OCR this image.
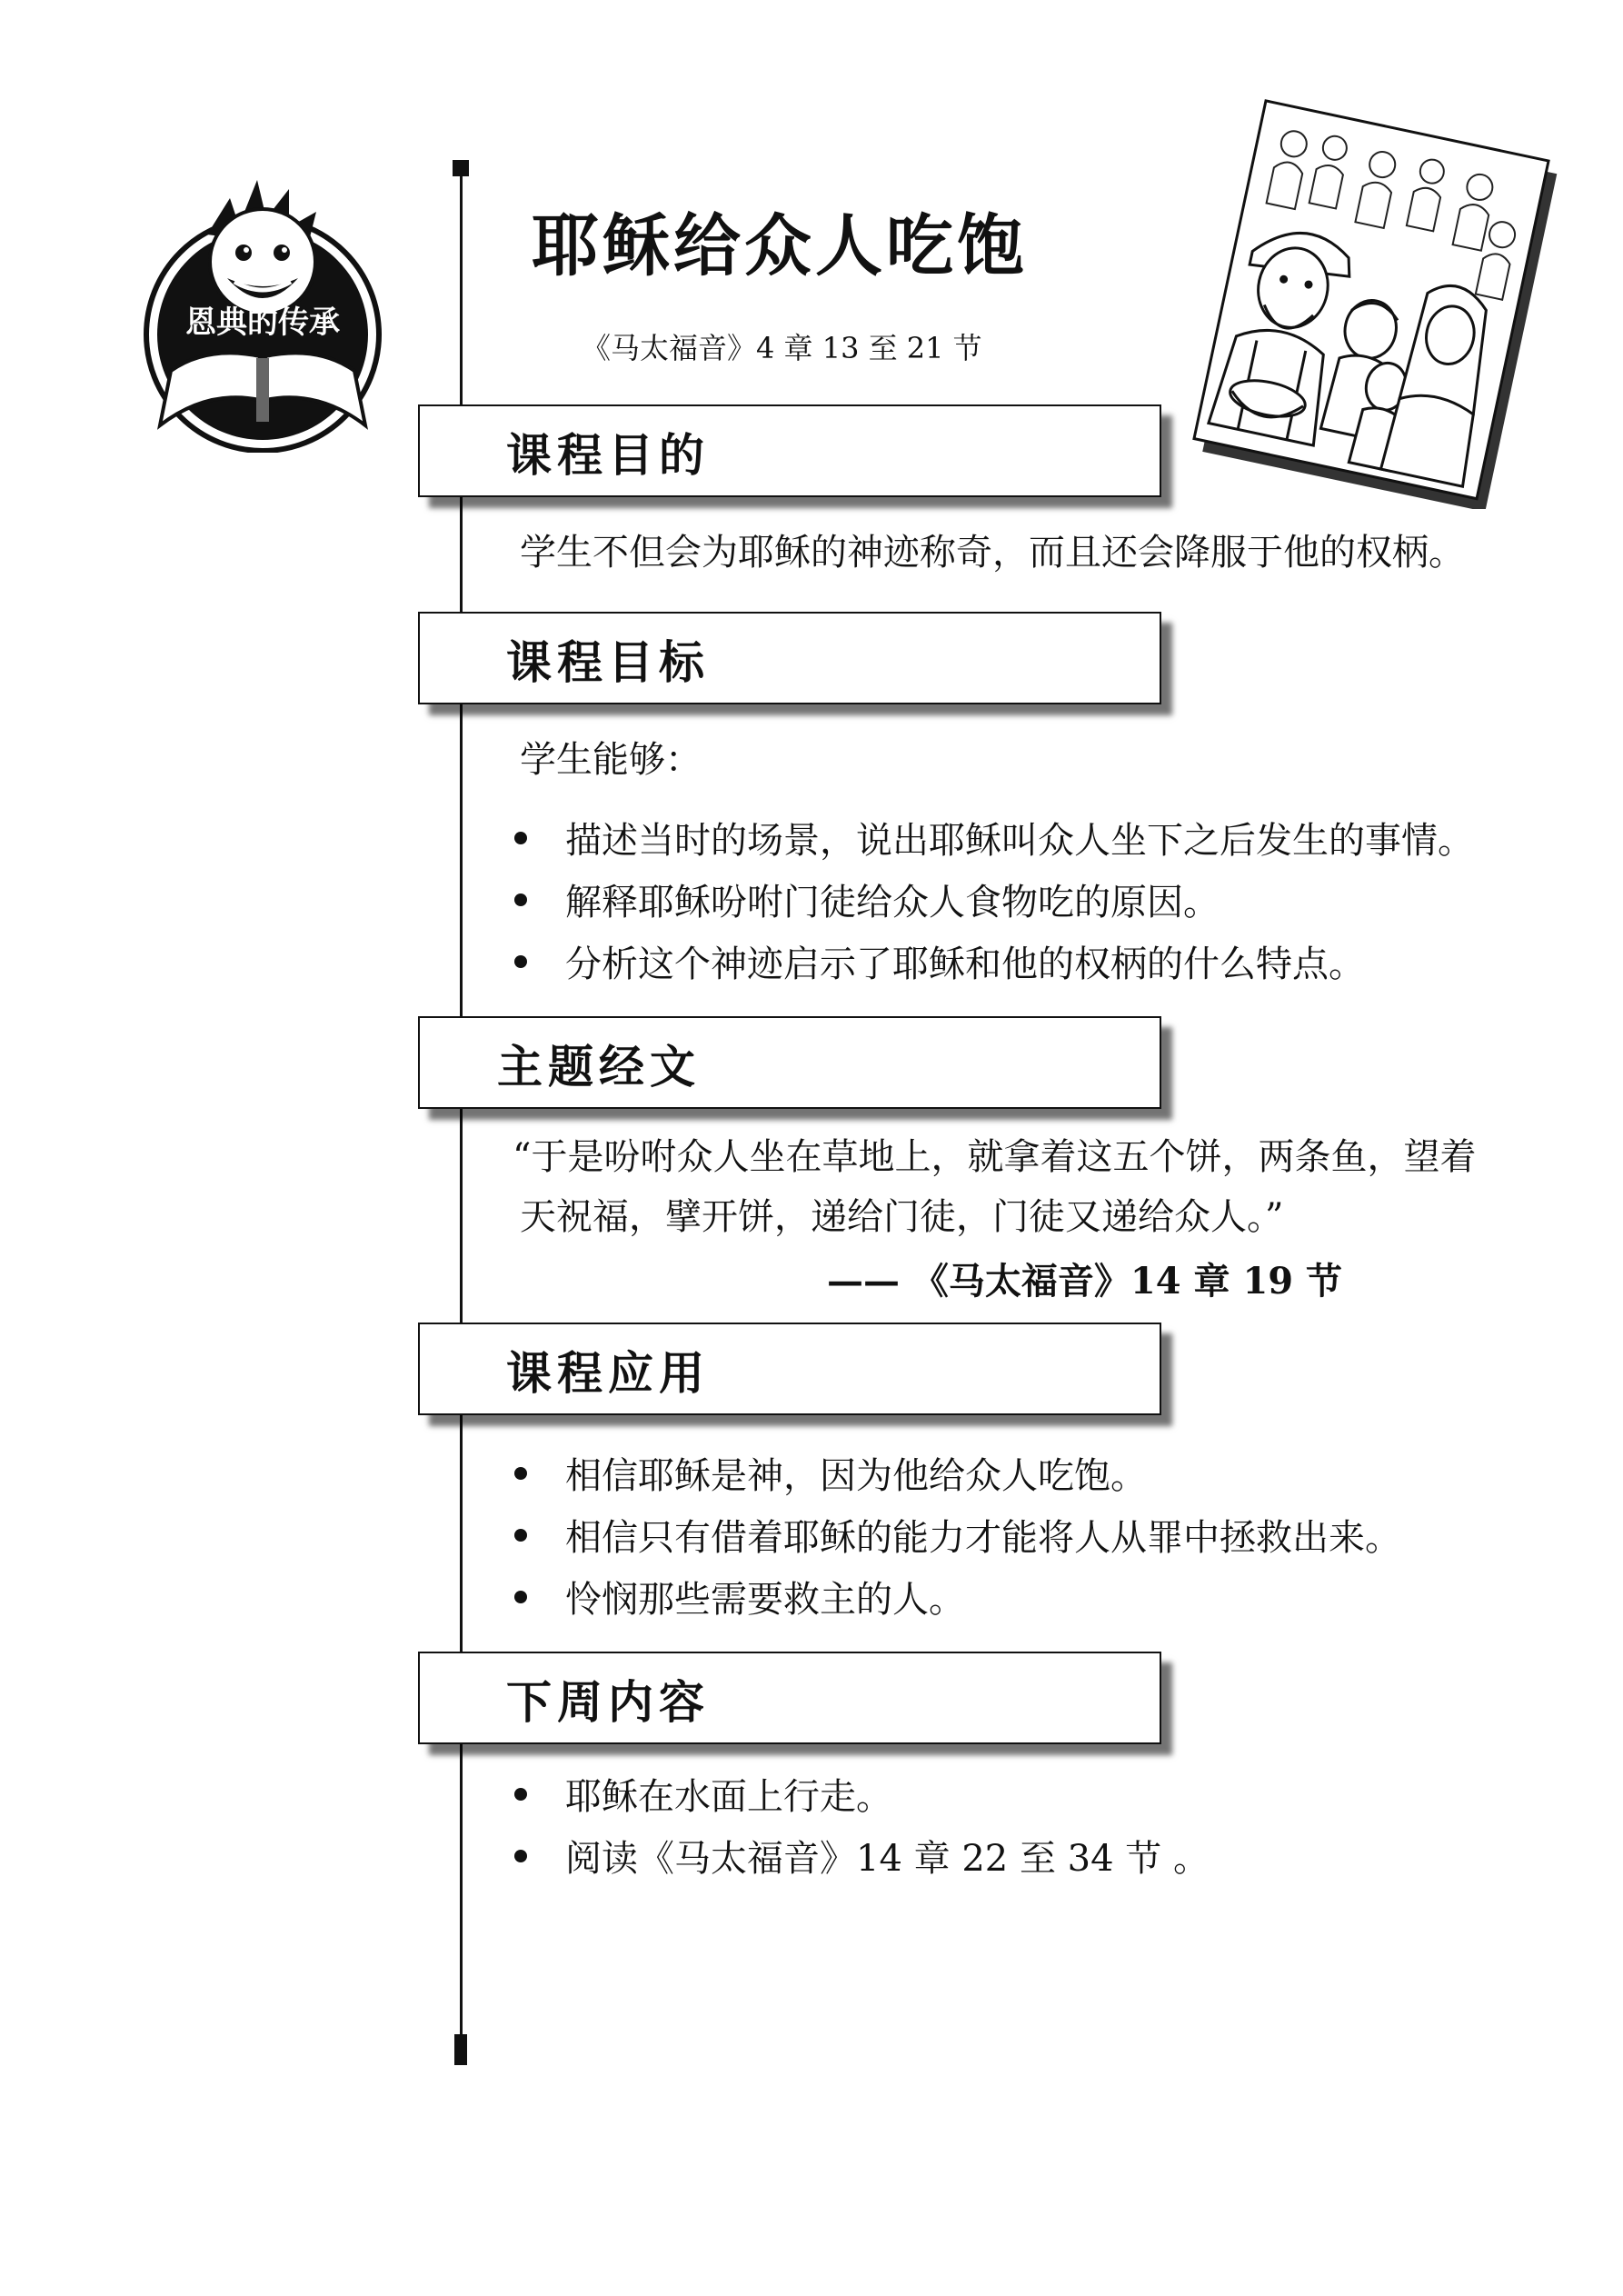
恩典的传承
耶稣给众人吃饱
《马太福音》4 章 13 至 21 节
课程目的
学生不但会为耶稣的神迹称奇，而且还会降服于他的权柄。
课程目标
学生能够：
描述当时的场景，说出耶稣叫众人坐下之后发生的事情。
解释耶稣吩咐门徒给众人食物吃的原因。
分析这个神迹启示了耶稣和他的权柄的什么特点。
主题经文
“于是吩咐众人坐在草地上，就拿着这五个饼，两条鱼，望着
天祝福，擘开饼，递给门徒，门徒又递给众人。”
—— 《马太福音》14 章 19 节
课程应用
相信耶稣是神，因为他给众人吃饱。
相信只有借着耶稣的能力才能将人从罪中拯救出来。
怜悯那些需要救主的人。
下周内容
耶稣在水面上行走。
阅读《马太福音》14 章 22 至 34 节 。
